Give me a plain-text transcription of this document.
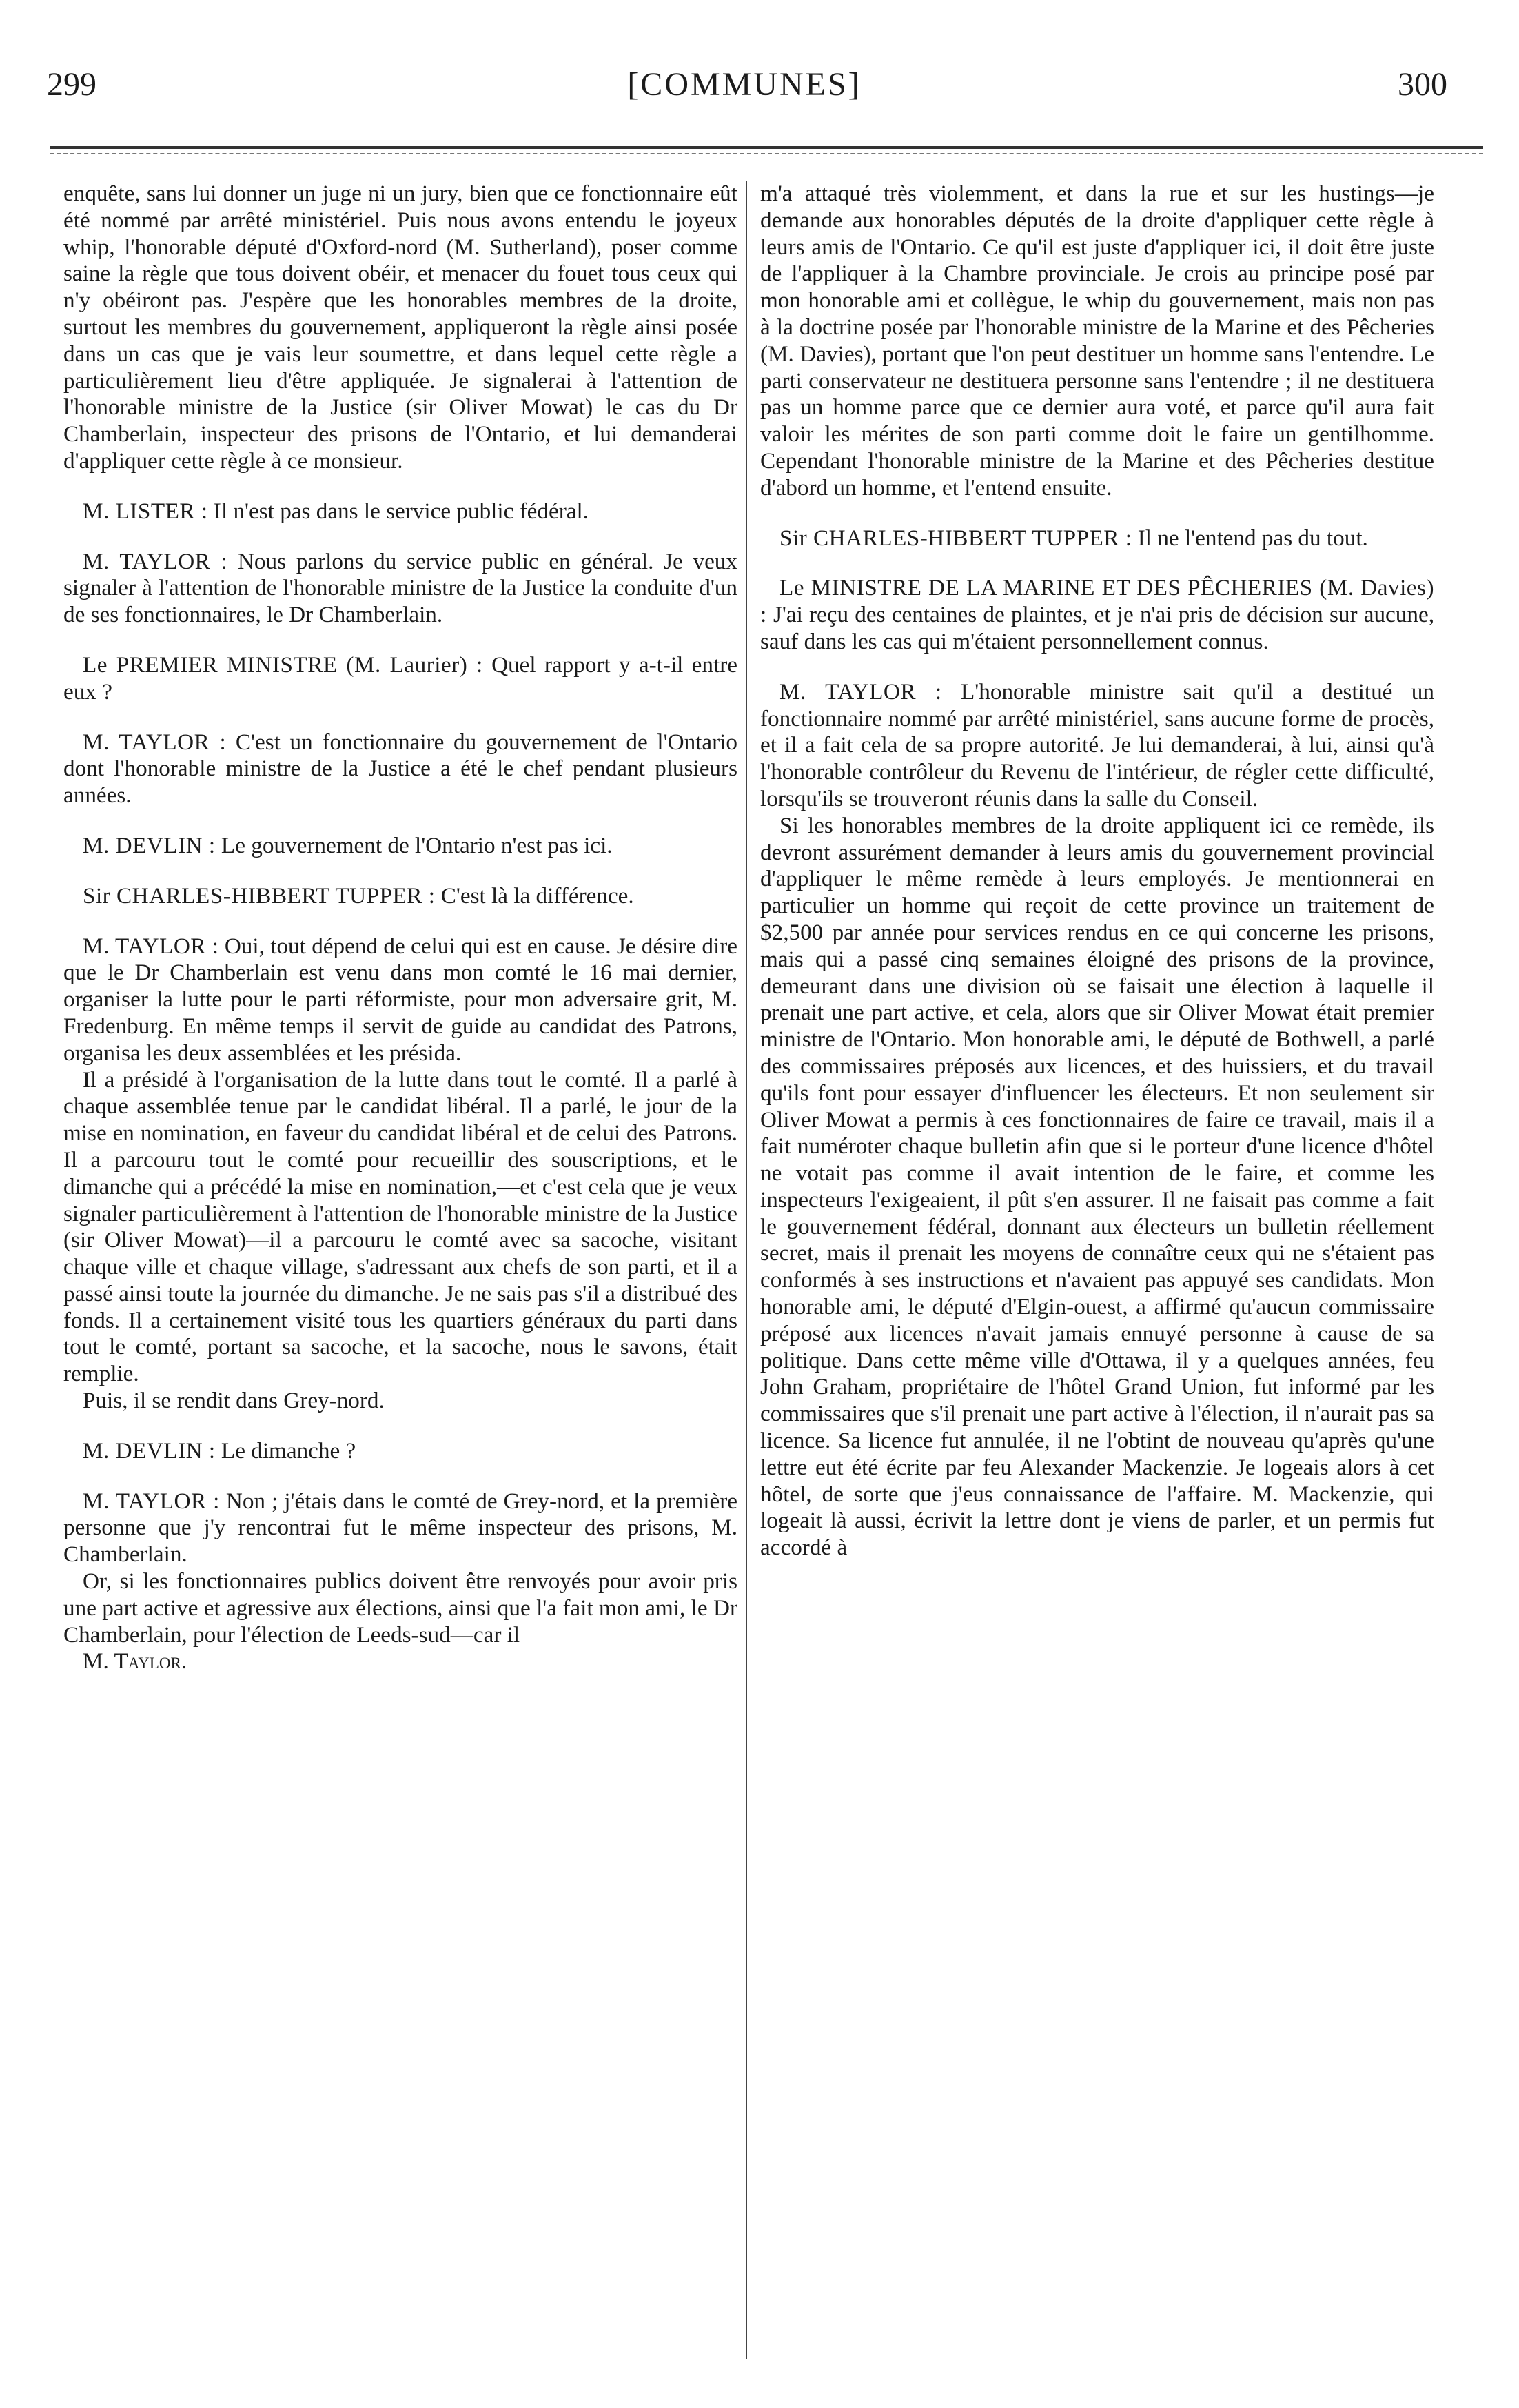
299	[COMMUNES]	300

enquête, sans lui donner un juge ni un jury, bien que ce fonctionnaire eût été nommé par arrêté ministériel. Puis nous avons entendu le joyeux whip, l'honorable député d'Oxford-nord (M. Sutherland), poser comme saine la règle que tous doivent obéir, et menacer du fouet tous ceux qui n'y obéiront pas. J'espère que les honorables membres de la droite, surtout les membres du gouvernement, appliqueront la règle ainsi posée dans un cas que je vais leur soumettre, et dans lequel cette règle a particulièrement lieu d'être appliquée. Je signalerai à l'attention de l'honorable ministre de la Justice (sir Oliver Mowat) le cas du Dr Chamberlain, inspecteur des prisons de l'Ontario, et lui demanderai d'appliquer cette règle à ce monsieur.

M. LISTER : Il n'est pas dans le service public fédéral.

M. TAYLOR : Nous parlons du service public en général. Je veux signaler à l'attention de l'honorable ministre de la Justice la conduite d'un de ses fonctionnaires, le Dr Chamberlain.

Le PREMIER MINISTRE (M. Laurier) : Quel rapport y a-t-il entre eux ?

M. TAYLOR : C'est un fonctionnaire du gouvernement de l'Ontario dont l'honorable ministre de la Justice a été le chef pendant plusieurs années.

M. DEVLIN : Le gouvernement de l'Ontario n'est pas ici.

Sir CHARLES-HIBBERT TUPPER : C'est là la différence.

M. TAYLOR : Oui, tout dépend de celui qui est en cause. Je désire dire que le Dr Chamberlain est venu dans mon comté le 16 mai dernier, organiser la lutte pour le parti réformiste, pour mon adversaire grit, M. Fredenburg. En même temps il servit de guide au candidat des Patrons, organisa les deux assemblées et les présida.

Il a présidé à l'organisation de la lutte dans tout le comté. Il a parlé à chaque assemblée tenue par le candidat libéral. Il a parlé, le jour de la mise en nomination, en faveur du candidat libéral et de celui des Patrons. Il a parcouru tout le comté pour recueillir des souscriptions, et le dimanche qui a précédé la mise en nomination,—et c'est cela que je veux signaler particulièrement à l'attention de l'honorable ministre de la Justice (sir Oliver Mowat)—il a parcouru le comté avec sa sacoche, visitant chaque ville et chaque village, s'adressant aux chefs de son parti, et il a passé ainsi toute la journée du dimanche. Je ne sais pas s'il a distribué des fonds. Il a certainement visité tous les quartiers généraux du parti dans tout le comté, portant sa sacoche, et la sacoche, nous le savons, était remplie.

Puis, il se rendit dans Grey-nord.

M. DEVLIN : Le dimanche ?

M. TAYLOR : Non ; j'étais dans le comté de Grey-nord, et la première personne que j'y rencontrai fut le même inspecteur des prisons, M. Chamberlain.

Or, si les fonctionnaires publics doivent être renvoyés pour avoir pris une part active et agressive aux élections, ainsi que l'a fait mon ami, le Dr Chamberlain, pour l'élection de Leeds-sud—car il

M. Taylor.

m'a attaqué très violemment, et dans la rue et sur les hustings—je demande aux honorables députés de la droite d'appliquer cette règle à leurs amis de l'Ontario. Ce qu'il est juste d'appliquer ici, il doit être juste de l'appliquer à la Chambre provinciale. Je crois au principe posé par mon honorable ami et collègue, le whip du gouvernement, mais non pas à la doctrine posée par l'honorable ministre de la Marine et des Pêcheries (M. Davies), portant que l'on peut destituer un homme sans l'entendre. Le parti conservateur ne destituera personne sans l'entendre ; il ne destituera pas un homme parce que ce dernier aura voté, et parce qu'il aura fait valoir les mérites de son parti comme doit le faire un gentilhomme. Cependant l'honorable ministre de la Marine et des Pêcheries destitue d'abord un homme, et l'entend ensuite.

Sir CHARLES-HIBBERT TUPPER : Il ne l'entend pas du tout.

Le MINISTRE DE LA MARINE ET DES PÊCHERIES (M. Davies) : J'ai reçu des centaines de plaintes, et je n'ai pris de décision sur aucune, sauf dans les cas qui m'étaient personnellement connus.

M. TAYLOR : L'honorable ministre sait qu'il a destitué un fonctionnaire nommé par arrêté ministériel, sans aucune forme de procès, et il a fait cela de sa propre autorité. Je lui demanderai, à lui, ainsi qu'à l'honorable contrôleur du Revenu de l'intérieur, de régler cette difficulté, lorsqu'ils se trouveront réunis dans la salle du Conseil.

Si les honorables membres de la droite appliquent ici ce remède, ils devront assurément demander à leurs amis du gouvernement provincial d'appliquer le même remède à leurs employés. Je mentionnerai en particulier un homme qui reçoit de cette province un traitement de $2,500 par année pour services rendus en ce qui concerne les prisons, mais qui a passé cinq semaines éloigné des prisons de la province, demeurant dans une division où se faisait une élection à laquelle il prenait une part active, et cela, alors que sir Oliver Mowat était premier ministre de l'Ontario. Mon honorable ami, le député de Bothwell, a parlé des commissaires préposés aux licences, et des huissiers, et du travail qu'ils font pour essayer d'influencer les électeurs. Et non seulement sir Oliver Mowat a permis à ces fonctionnaires de faire ce travail, mais il a fait numéroter chaque bulletin afin que si le porteur d'une licence d'hôtel ne votait pas comme il avait intention de le faire, et comme les inspecteurs l'exigeaient, il pût s'en assurer. Il ne faisait pas comme a fait le gouvernement fédéral, donnant aux électeurs un bulletin réellement secret, mais il prenait les moyens de connaître ceux qui ne s'étaient pas conformés à ses instructions et n'avaient pas appuyé ses candidats. Mon honorable ami, le député d'Elgin-ouest, a affirmé qu'aucun commissaire préposé aux licences n'avait jamais ennuyé personne à cause de sa politique. Dans cette même ville d'Ottawa, il y a quelques années, feu John Graham, propriétaire de l'hôtel Grand Union, fut informé par les commissaires que s'il prenait une part active à l'élection, il n'aurait pas sa licence. Sa licence fut annulée, il ne l'obtint de nouveau qu'après qu'une lettre eut été écrite par feu Alexander Mackenzie. Je logeais alors à cet hôtel, de sorte que j'eus connaissance de l'affaire. M. Mackenzie, qui logeait là aussi, écrivit la lettre dont je viens de parler, et un permis fut accordé à
